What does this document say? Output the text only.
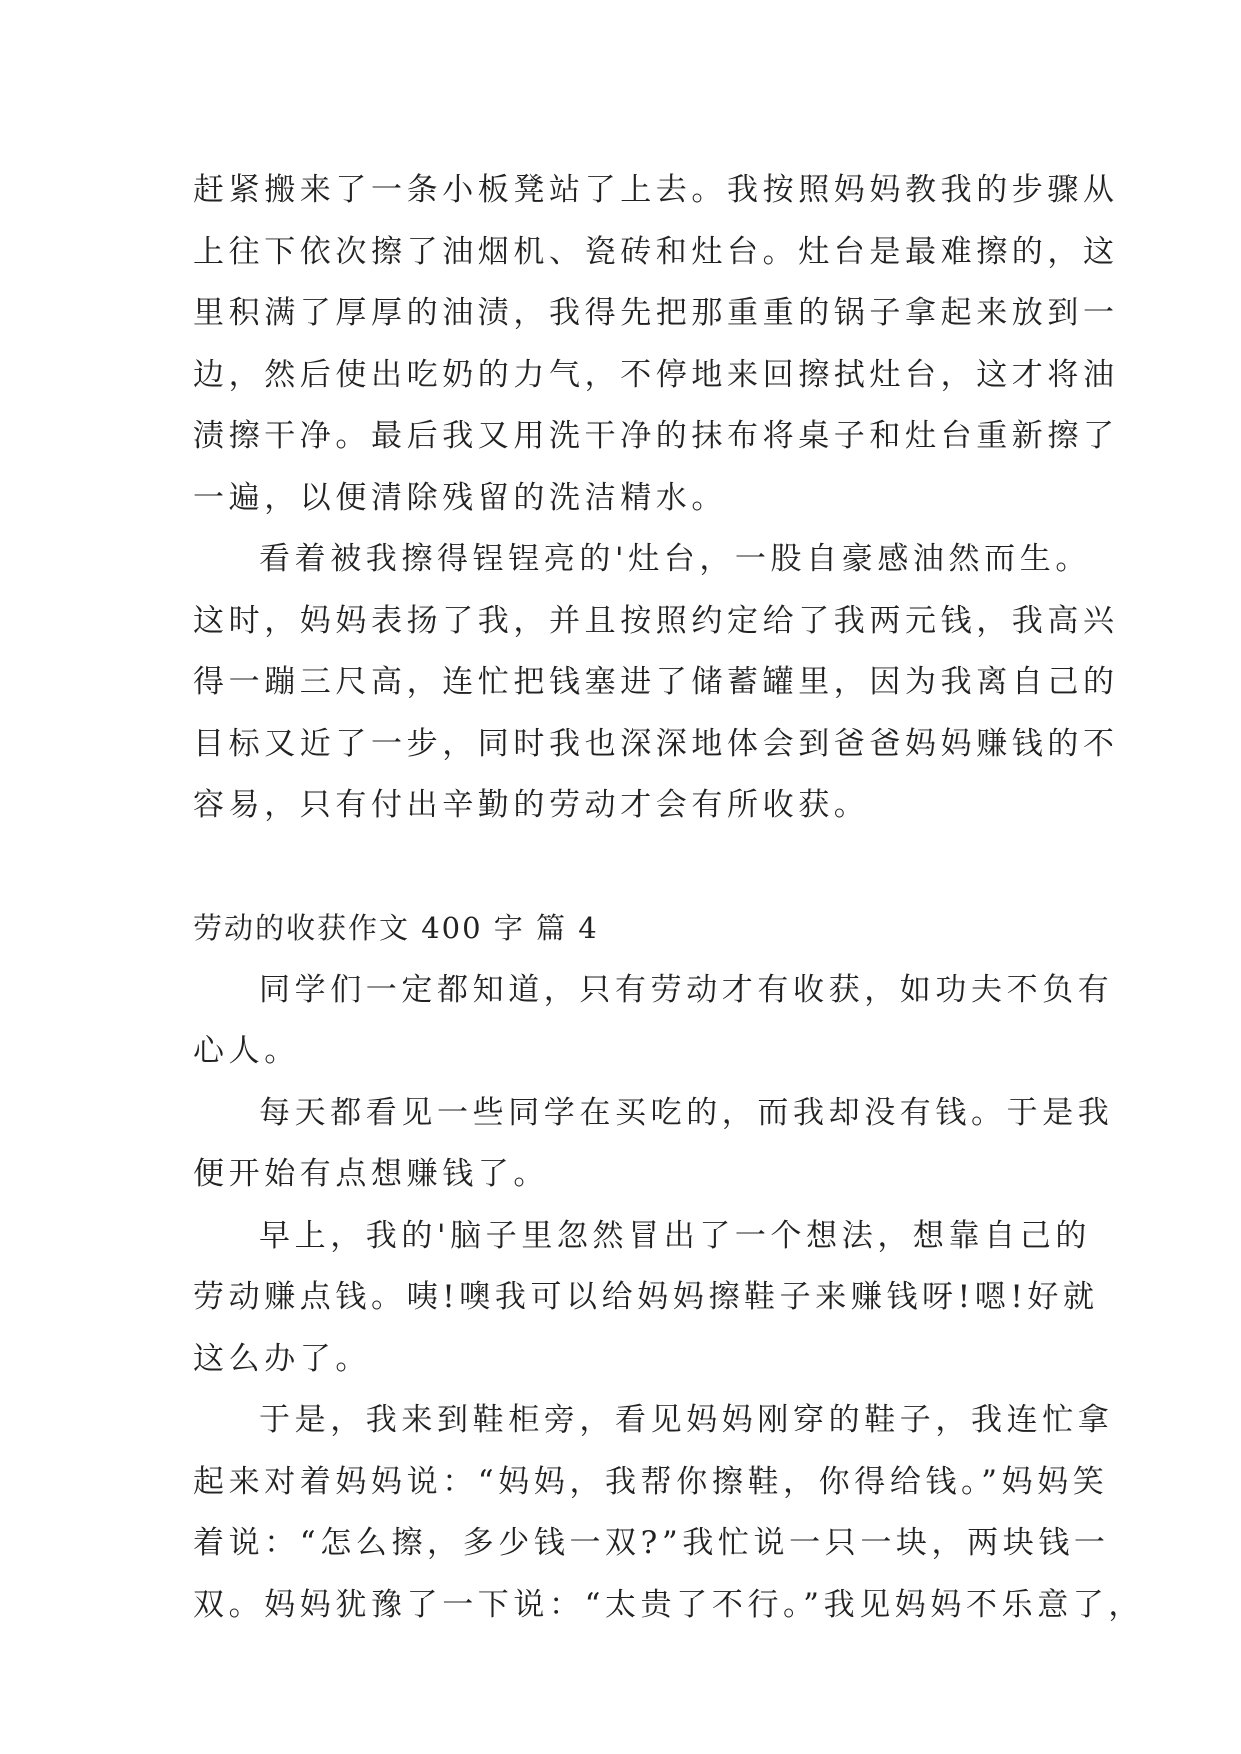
赶紧搬来了一条小板凳站了上去。我按照妈妈教我的步骤从
上往下依次擦了油烟机、瓷砖和灶台。灶台是最难擦的，这
里积满了厚厚的油渍，我得先把那重重的锅子拿起来放到一
边，然后使出吃奶的力气，不停地来回擦拭灶台，这才将油
渍擦干净。最后我又用洗干净的抹布将桌子和灶台重新擦了
一遍，以便清除残留的洗洁精水。
看着被我擦得锃锃亮的'灶台，一股自豪感油然而生。
这时，妈妈表扬了我，并且按照约定给了我两元钱，我高兴
得一蹦三尺高，连忙把钱塞进了储蓄罐里，因为我离自己的
目标又近了一步，同时我也深深地体会到爸爸妈妈赚钱的不
容易，只有付出辛勤的劳动才会有所收获。
劳动的收获作文 400 字 篇 4
同学们一定都知道，只有劳动才有收获，如功夫不负有
心人。
每天都看见一些同学在买吃的，而我却没有钱。于是我
便开始有点想赚钱了。
早上，我的'脑子里忽然冒出了一个想法，想靠自己的
劳动赚点钱。咦!噢我可以给妈妈擦鞋子来赚钱呀!嗯!好就
这么办了。
于是，我来到鞋柜旁，看见妈妈刚穿的鞋子，我连忙拿
起来对着妈妈说：“妈妈，我帮你擦鞋，你得给钱。”妈妈笑
着说：“怎么擦，多少钱一双?”我忙说一只一块，两块钱一
双。妈妈犹豫了一下说：“太贵了不行。”我见妈妈不乐意了，
